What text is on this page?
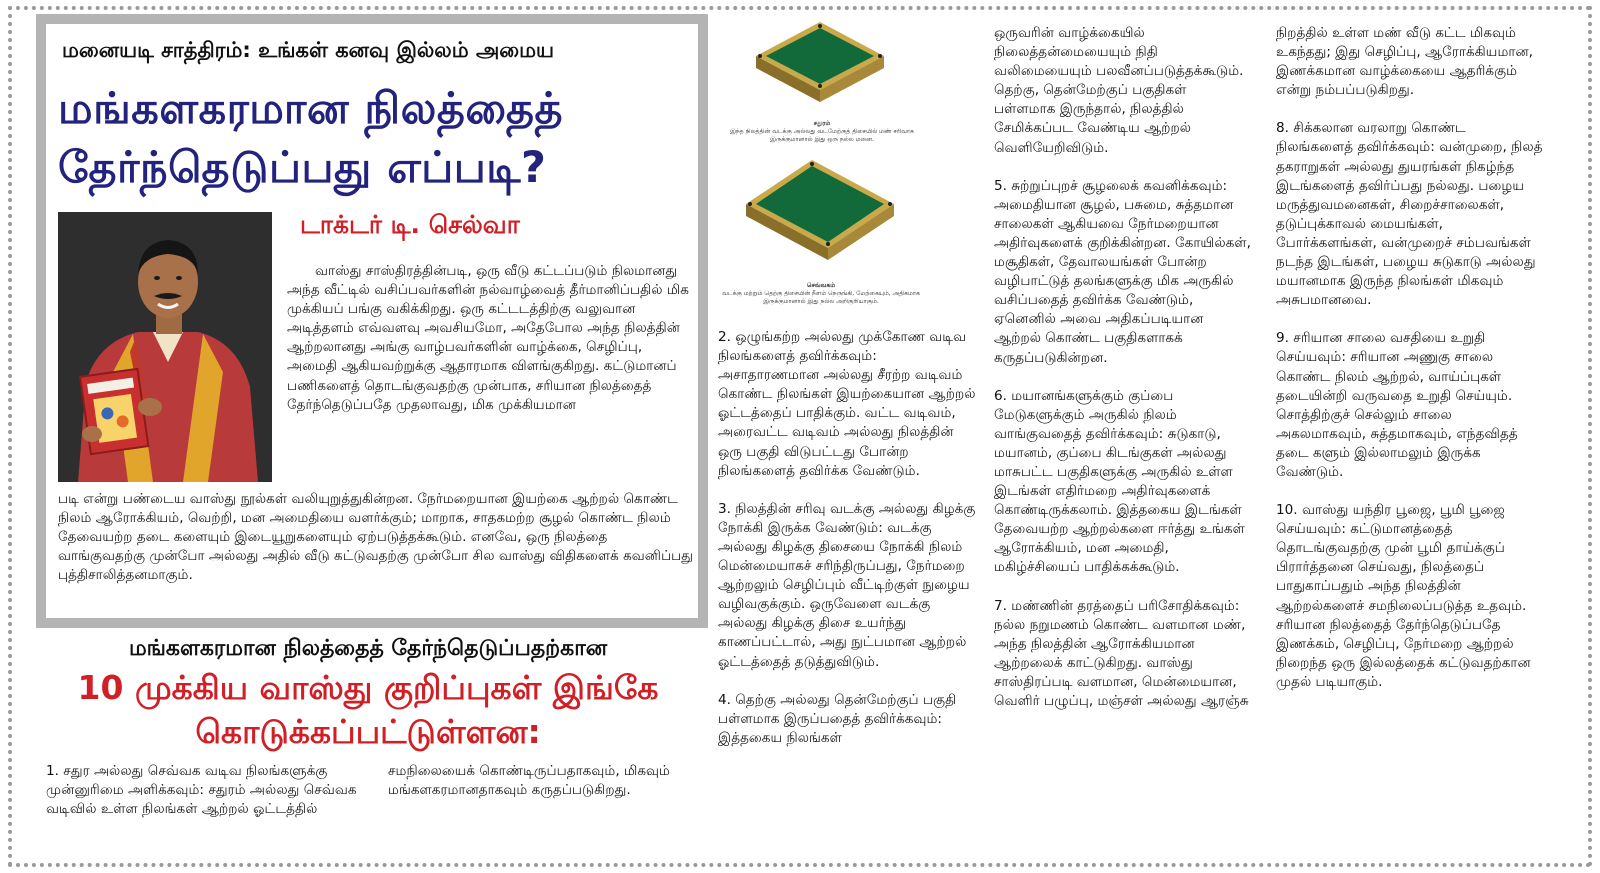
மனையடி சாத்திரம்: உங்கள் கனவு இல்லம் அமைய
மங்களகரமான நிலத்தைத்
தேர்ந்தெடுப்பது எப்படி?
டாக்டர் டி. செல்வா
வாஸ்து சாஸ்திரத்தின்படி, ஒரு வீடு கட்டப்படும் நிலமானது அந்த வீட்டில் வசிப்பவர்களின் நல்வாழ்வைத் தீர்மானிப்பதில் மிக முக்கியப் பங்கு வகிக்கிறது. ஒரு கட்டடத்திற்கு வலுவான அடித்தளம் எவ்வளவு அவசியமோ, அதேபோல அந்த நிலத்தின் ஆற்றலானது அங்கு வாழ்பவர்களின் வாழ்க்கை, செழிப்பு, அமைதி ஆகியவற்றுக்கு ஆதாரமாக விளங்குகிறது. கட்டுமானப் பணிகளைத் தொடங்குவதற்கு முன்பாக, சரியான நிலத்தைத் தேர்ந்தெடுப்பதே முதலாவது, மிக முக்கியமான
படி என்று பண்டைய வாஸ்து நூல்கள் வலியுறுத்துகின்றன. நேர்மறையான இயற்கை ஆற்றல் கொண்ட நிலம் ஆரோக்கியம், வெற்றி, மன அமைதியை வளர்க்கும்; மாறாக, சாதகமற்ற சூழல் கொண்ட நிலம் தேவையற்ற தடை களையும் இடையூறுகளையும் ஏற்படுத்தக்கூடும். எனவே, ஒரு நிலத்தை வாங்குவதற்கு முன்போ அல்லது அதில் வீடு கட்டுவதற்கு முன்போ சில வாஸ்து விதிகளைக் கவனிப்பது புத்திசாலித்தனமாகும்.
மங்களகரமான நிலத்தைத் தேர்ந்தெடுப்பதற்கான
10 முக்கிய வாஸ்து குறிப்புகள் இங்கே
கொடுக்கப்பட்டுள்ளன:

1. சதுர அல்லது செவ்வக வடிவ நிலங்களுக்கு முன்னுரிமை அளிக்கவும்: சதுரம் அல்லது செவ்வக வடிவில் உள்ள நிலங்கள் ஆற்றல் ஓட்டத்தில்

சமநிலையைக் கொண்டிருப்பதாகவும், மிகவும் மங்களகரமானதாகவும் கருதப்படுகிறது.

சதுரம்
இந்த நிலத்தின் வடக்கு அல்லது வடமேற்குத் திசையில் மண் சரிவாக இருக்குமானால் இது ஒரு நல்ல மனை.
செவ்வகம்
வடக்கு மற்றும் தெற்கு திசையின் நீளம் நெருங்கி, மேற்கையும், அதிகமாக இருக்குமானால் இது நல்ல அறிகுறியாகும்.

2. ஒழுங்கற்ற அல்லது முக்கோண வடிவ நிலங்களைத் தவிர்க்கவும்: அசாதாரணமான அல்லது சீரற்ற வடிவம் கொண்ட நிலங்கள் இயற்கையான ஆற்றல் ஓட்டத்தைப் பாதிக்கும். வட்ட வடிவம், அரைவட்ட வடிவம் அல்லது நிலத்தின் ஒரு பகுதி விடுபட்டது போன்ற நிலங்களைத் தவிர்க்க வேண்டும்.

3. நிலத்தின் சரிவு வடக்கு அல்லது கிழக்கு நோக்கி இருக்க வேண்டும்: வடக்கு அல்லது கிழக்கு திசையை நோக்கி நிலம் மென்மையாகச் சரிந்திருப்பது, நேர்மறை ஆற்றலும் செழிப்பும் வீட்டிற்குள் நுழைய வழிவகுக்கும். ஒருவேளை வடக்கு அல்லது கிழக்கு திசை உயர்ந்து காணப்பட்டால், அது நுட்பமான ஆற்றல் ஓட்டத்தைத் தடுத்துவிடும்.

4. தெற்கு அல்லது தென்மேற்குப் பகுதி பள்ளமாக இருப்பதைத் தவிர்க்கவும்: இத்தகைய நிலங்கள்

ஒருவரின் வாழ்க்கையில் நிலைத்தன்மையையும் நிதி வலிமையையும் பலவீனப்படுத்தக்கூடும். தெற்கு, தென்மேற்குப் பகுதிகள் பள்ளமாக இருந்தால், நிலத்தில் சேமிக்கப்பட வேண்டிய ஆற்றல் வெளியேறிவிடும்.

5. சுற்றுப்புறச் சூழலைக் கவனிக்கவும்: அமைதியான சூழல், பசுமை, சுத்தமான சாலைகள் ஆகியவை நேர்மறையான அதிர்வுகளைக் குறிக்கின்றன. கோயில்கள், மசூதிகள், தேவாலயங்கள் போன்ற வழிபாட்டுத் தலங்களுக்கு மிக அருகில் வசிப்பதைத் தவிர்க்க வேண்டும், ஏனெனில் அவை அதிகப்படியான ஆற்றல் கொண்ட பகுதிகளாகக் கருதப்படுகின்றன.

6. மயானங்களுக்கும் குப்பை மேடுகளுக்கும் அருகில் நிலம் வாங்குவதைத் தவிர்க்கவும்: சுடுகாடு, மயானம், குப்பை கிடங்குகள் அல்லது மாசுபட்ட பகுதிகளுக்கு அருகில் உள்ள இடங்கள் எதிர்மறை அதிர்வுகளைக் கொண்டிருக்கலாம். இத்தகைய இடங்கள் தேவையற்ற ஆற்றல்களை ஈர்த்து உங்கள் ஆரோக்கியம், மன அமைதி, மகிழ்ச்சியைப் பாதிக்கக்கூடும்.

7. மண்ணின் தரத்தைப் பரிசோதிக்கவும்: நல்ல நறுமணம் கொண்ட வளமான மண், அந்த நிலத்தின் ஆரோக்கியமான ஆற்றலைக் காட்டுகிறது. வாஸ்து சாஸ்திரப்படி வளமான, மென்மையான, வெளிர் பழுப்பு, மஞ்சள் அல்லது ஆரஞ்சு

நிறத்தில் உள்ள மண் வீடு கட்ட மிகவும் உகந்தது; இது செழிப்பு, ஆரோக்கியமான, இணக்கமான வாழ்க்கையை ஆதரிக்கும் என்று நம்பப்படுகிறது.

8. சிக்கலான வரலாறு கொண்ட நிலங்களைத் தவிர்க்கவும்: வன்முறை, நிலத் தகராறுகள் அல்லது துயரங்கள் நிகழ்ந்த இடங்களைத் தவிர்ப்பது நல்லது. பழைய மருத்துவமனைகள், சிறைச்சாலைகள், தடுப்புக்காவல் மையங்கள், போர்க்களங்கள், வன்முறைச் சம்பவங்கள் நடந்த இடங்கள், பழைய சுடுகாடு அல்லது மயானமாக இருந்த நிலங்கள் மிகவும் அசுபமானவை.

9. சரியான சாலை வசதியை உறுதி செய்யவும்: சரியான அணுகு சாலை கொண்ட நிலம் ஆற்றல், வாய்ப்புகள் தடையின்றி வருவதை உறுதி செய்யும். சொத்திற்குச் செல்லும் சாலை அகலமாகவும், சுத்தமாகவும், எந்தவிதத் தடை களும் இல்லாமலும் இருக்க வேண்டும்.

10. வாஸ்து யந்திர பூஜை, பூமி பூஜை செய்யவும்: கட்டுமானத்தைத் தொடங்குவதற்கு முன் பூமி தாய்க்குப் பிரார்த்தனை செய்வது, நிலத்தைப் பாதுகாப்பதும் அந்த நிலத்தின் ஆற்றல்களைச் சமநிலைப்படுத்த உதவும். சரியான நிலத்தைத் தேர்ந்தெடுப்பதே இணக்கம், செழிப்பு, நேர்மறை ஆற்றல் நிறைந்த ஒரு இல்லத்தைக் கட்டுவதற்கான முதல் படியாகும்.
